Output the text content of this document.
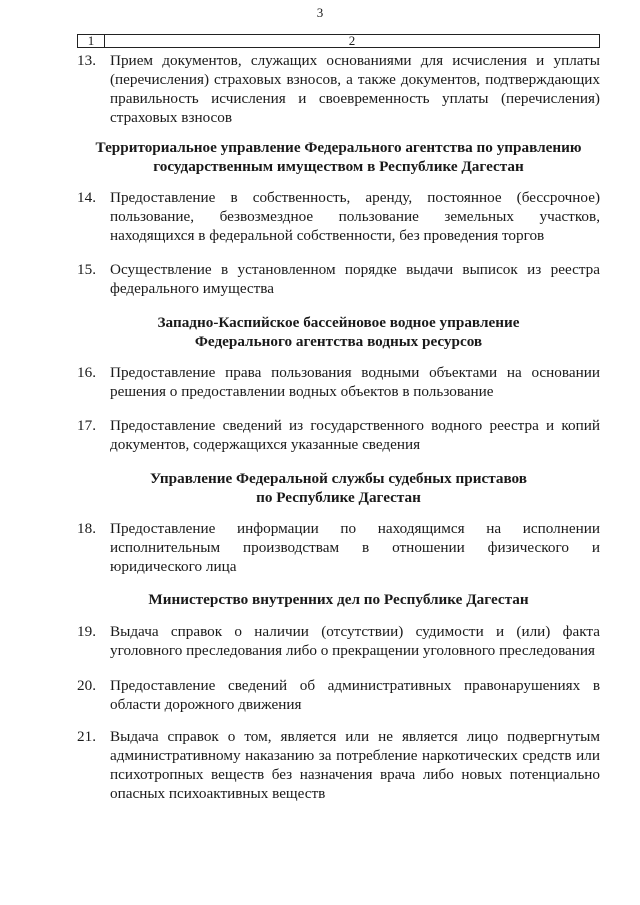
3
1	2
13. Прием документов, служащих основаниями для исчисления и уплаты (перечисления) страховых взносов, а также документов, подтверждающих правильность исчисления и своевременность уплаты (перечисления) страховых взносов
Территориальное управление Федерального агентства по управлению
государственным имуществом в Республике Дагестан
14. Предоставление в собственность, аренду, постоянное (бессрочное) пользование, безвозмездное пользование земельных участков, находящихся в федеральной собственности, без проведения торгов
15. Осуществление в установленном порядке выдачи выписок из реестра федерального имущества
Западно-Каспийское бассейновое водное управление
Федерального агентства водных ресурсов
16. Предоставление права пользования водными объектами на основании решения о предоставлении водных объектов в пользование
17. Предоставление сведений из государственного водного реестра и копий документов, содержащихся указанные сведения
Управление Федеральной службы судебных приставов
по Республике Дагестан
18. Предоставление информации по находящимся на исполнении исполнительным производствам в отношении физического и юридического лица
Министерство внутренних дел по Республике Дагестан
19. Выдача справок о наличии (отсутствии) судимости и (или) факта уголовного преследования либо о прекращении уголовного преследования
20. Предоставление сведений об административных правонарушениях в области дорожного движения
21. Выдача справок о том, является или не является лицо подвергнутым административному наказанию за потребление наркотических средств или психотропных веществ без назначения врача либо новых потенциально опасных психоактивных веществ
